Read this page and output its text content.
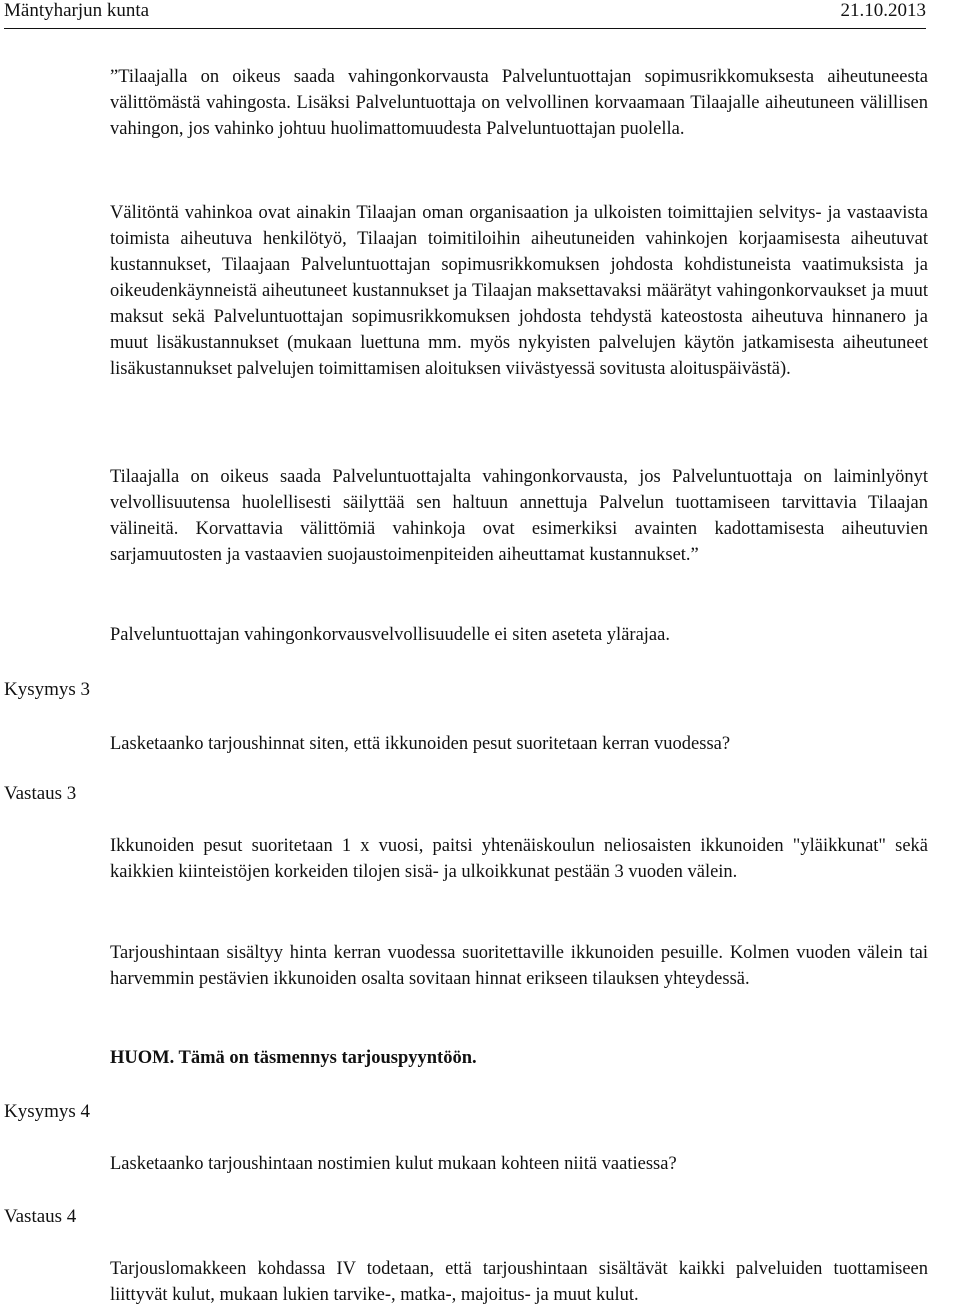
Mäntyharjun kunta	21.10.2013

”Tilaajalla on oikeus saada vahingonkorvausta Palveluntuottajan sopimusrikkomuksesta aiheutuneesta välittömästä vahingosta. Lisäksi Palveluntuottaja on velvollinen korvaamaan Tilaajalle aiheutuneen välillisen vahingon, jos vahinko johtuu huolimattomuudesta Palveluntuottajan puolella.

Välitöntä vahinkoa ovat ainakin Tilaajan oman organisaation ja ulkoisten toimittajien selvitys- ja vastaavista toimista aiheutuva henkilötyö, Tilaajan toimitiloihin aiheutuneiden vahinkojen korjaamisesta aiheutuvat kustannukset, Tilaajaan Palveluntuottajan sopimusrikkomuksen johdosta kohdistuneista vaatimuksista ja oikeudenkäynneistä aiheutuneet kustannukset ja Tilaajan maksettavaksi määrätyt vahingonkorvaukset ja muut maksut sekä Palveluntuottajan sopimusrikkomuksen johdosta tehdystä kateostosta aiheutuva hinnanero ja muut lisäkustannukset (mukaan luettuna mm. myös nykyisten palvelujen käytön jatkamisesta aiheutuneet lisäkustannukset palvelujen toimittamisen aloituksen viivästyessä sovitusta aloituspäivästä).

Tilaajalla on oikeus saada Palveluntuottajalta vahingonkorvausta, jos Palveluntuottaja on laiminlyönyt velvollisuutensa huolellisesti säilyttää sen haltuun annettuja Palvelun tuottamiseen tarvittavia Tilaajan välineitä. Korvattavia välittömiä vahinkoja ovat esimerkiksi avainten kadottamisesta aiheutuvien sarjamuutosten ja vastaavien suojaustoimenpiteiden aiheuttamat kustannukset.”

Palveluntuottajan vahingonkorvausvelvollisuudelle ei siten aseteta ylärajaa.

Kysymys 3

Lasketaanko tarjoushinnat siten, että ikkunoiden pesut suoritetaan kerran vuodessa?

Vastaus 3

Ikkunoiden pesut suoritetaan 1 x vuosi, paitsi yhtenäiskoulun neliosaisten ikkunoiden "yläikkunat" sekä kaikkien kiinteistöjen korkeiden tilojen sisä- ja ulkoikkunat pestään 3 vuoden välein.

Tarjoushintaan sisältyy hinta kerran vuodessa suoritettaville ikkunoiden pesuille. Kolmen vuoden välein tai harvemmin pestävien ikkunoiden osalta sovitaan hinnat erikseen tilauksen yhteydessä.

HUOM. Tämä on täsmennys tarjouspyyntöön.

Kysymys 4

Lasketaanko tarjoushintaan nostimien kulut mukaan kohteen niitä vaatiessa?

Vastaus 4

Tarjouslomakkeen kohdassa IV todetaan, että tarjoushintaan sisältävät kaikki palveluiden tuottamiseen liittyvät kulut, mukaan lukien tarvike-, matka-, majoitus- ja muut kulut.
